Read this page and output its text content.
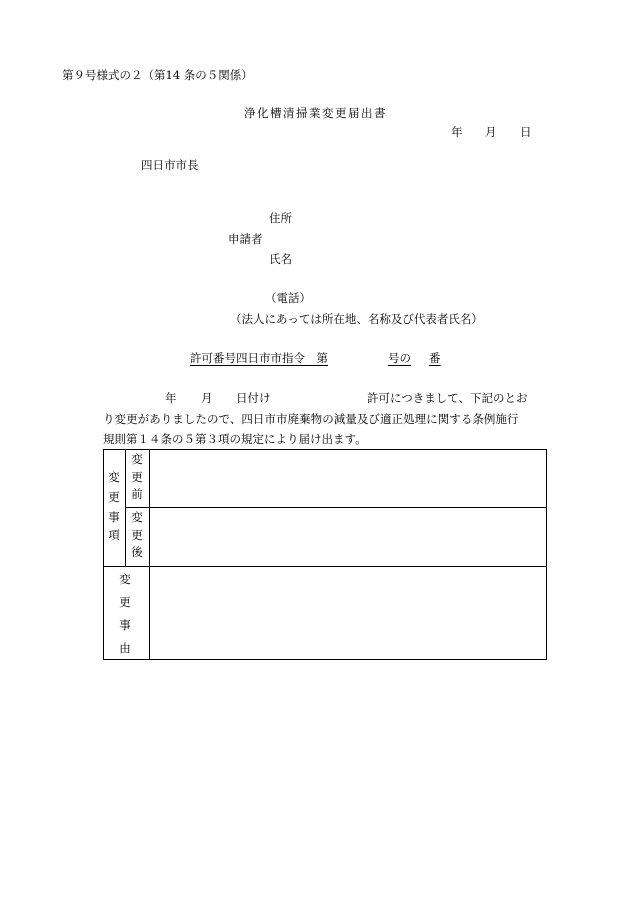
第９号様式の２（第14 条の５関係）
浄化槽清掃業変更届出書
年 月 日
四日市市長
住所
申請者
氏名
（電話）
（法人にあっては所在地、名称及び代表者氏名）
許可番号四日市市指令　第	号の 番
年 月 日付け	許可につきまして、下記のとお
り変更がありましたので、四日市市廃棄物の減量及び適正処理に関する条例施行
規則第１４条の５第３項の規定により届け出ます。
変
更
事
項
変
更
前
変
更
後
変
更
事
由
